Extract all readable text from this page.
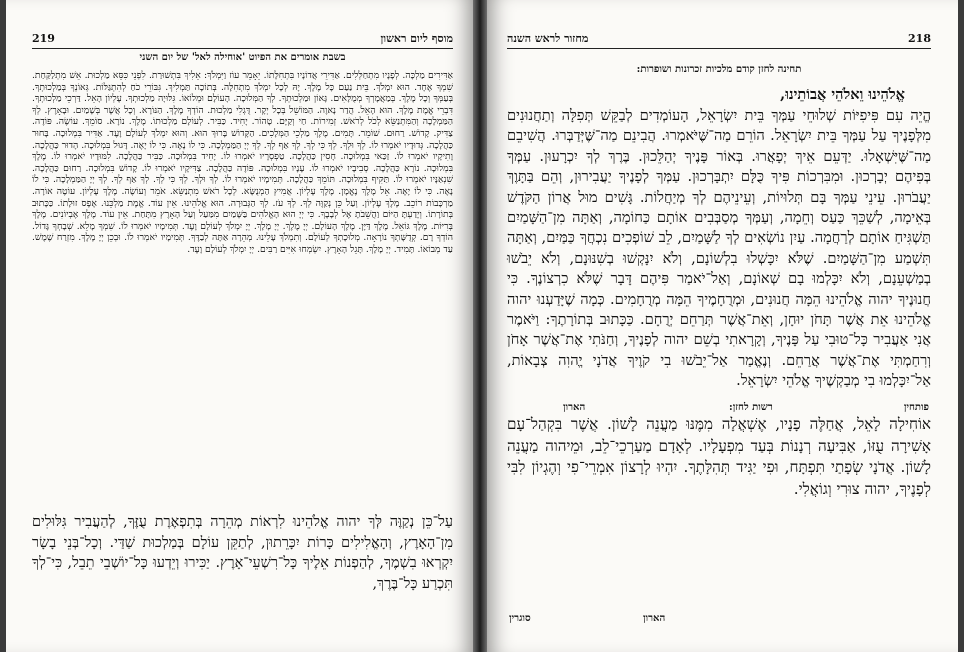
219	מוסף ליום ראשון
בשבת אומרים את הפיוט 'אוחילה לאל' של יום השני
אַדִּירִים מַלְכָּה. לְפָנָיו מִתְחַלְּלִים. אַדִּירֵי אֲדוֹנָיו בִּתְחִלָּתוֹ. יֵאָמֵר עוֹז וַיִּמְלֹךְ: אֵלִיךְ בִּתְשׁוּרַת. לִפְנֵי כִּסֵּא מַלְכוּת. אֵשׁ מִתְלַקַּחַת. שִׁמְךָ אֶחָד. הוּא יִמְלֹךְ. בֵּית נַעַם כָּל מֶלֶךְ. יָהּ לְכָל יִמְלֹךְ מִתְחִלָּה. בְּתוֹכָה תַּמְלִיךְ. גִּבּוֹרֵי כֹחַ לְהִתְגַּלּוֹת. גְּאוֹנְךָ בְּמַלְכוּתְךָ. בְּעַמְּךָ וְכָל מֶלֶךְ. בְּמַאֲמָרְךָ מְמֻלָּאִים. גָּאוֹן וּמַלְכוּתְךָ. לְךָ הַמְּלוּכָה. הָעוֹלָם וּמְלוֹאוֹ. גִּלּוּיָה מַלְכוּתְךָ. עֶלְיוֹן הָאֵל. דַּרְכֵי מַלְכוּתְךָ. דִּבְרֵי אֱמֶת מֶלֶךְ. הוּא הָאֵל. הֲדַר נָאוֶה. הַמּוֹשֵׁל בְּכָל יְקָר. דֻּגְלִי מַלְכוּת. הוֹדְךָ מֶלֶךְ. הַנּוֹרָא. וְכָל אֲשֶׁר בְּשָׁמַיִם. וּבָאָרֶץ. לְךָ הַמַּמְלָכָה וְהַמִּתְנַשֵּׂא לְכֹל לְרֹאשׁ. זְמִירוֹת. חַי וְקַיָּם. טָהוֹר. יָחִיד. כַּבִּיר. לְעוֹלָם מַלְכוּתוֹ. מֶלֶךְ. נוֹרָא. סוֹמֵךְ. עוֹשֶׂה. פּוֹדֶה. צַדִּיק. קָדוֹשׁ. רַחוּם. שׁוֹמֵר. תָּמִים. מֶלֶךְ מַלְכֵי הַמְּלָכִים. הַקָּדוֹשׁ בָּרוּךְ הוּא. וְהוּא יִמְלֹךְ לְעוֹלָם וָעֶד. אַדִּיר בִּמְלוּכָה. בָּחוּר כַּהֲלָכָה. גְּדוּדָיו יֹאמְרוּ לוֹ. לְךָ וּלְךָ. לְךָ כִּי לְךָ. לְךָ אַף לְךָ. לְךָ יְיָ הַמַּמְלָכָה. כִּי לוֹ נָאֶה. כִּי לוֹ יָאֶה. דָּגוּל בִּמְלוּכָה. הָדוּר כַּהֲלָכָה. וָתִיקָיו יֹאמְרוּ לוֹ. זַכַּאי בִּמְלוּכָה. חָסִין כַּהֲלָכָה. טַפְסְרָיו יֹאמְרוּ לוֹ. יָחִיד בִּמְלוּכָה. כַּבִּיר כַּהֲלָכָה. לִמּוּדָיו יֹאמְרוּ לוֹ. מֶלֶךְ בִּמְלוּכָה. נוֹרָא כַּהֲלָכָה. סְבִיבָיו יֹאמְרוּ לוֹ. עָנָיו בִּמְלוּכָה. פּוֹדֶה כַּהֲלָכָה. צַדִּיקָיו יֹאמְרוּ לוֹ. קָדוֹשׁ בִּמְלוּכָה. רַחוּם כַּהֲלָכָה. שִׁנְאַנָּיו יֹאמְרוּ לוֹ. תַּקִּיף בִּמְלוּכָה. תּוֹמֵךְ כַּהֲלָכָה. תְּמִימָיו יֹאמְרוּ לוֹ. לְךָ וּלְךָ. לְךָ כִּי לְךָ. לְךָ אַף לְךָ. לְךָ יְיָ הַמַּמְלָכָה. כִּי לוֹ נָאֶה. כִּי לוֹ יָאֶה. אֵל מֶלֶךְ נֶאֱמָן. מֶלֶךְ עֶלְיוֹן. אֲמִיץ הַמְנֻשָּׂא. לְכָל רֹאשׁ מִתְנַשֵּׂא. אֹמֵר וְעוֹשֶׂה. מֶלֶךְ עֶלְיוֹן. עוֹטֶה אוֹרָה. מַרְכָּבוֹת רוֹכֵב. מֶלֶךְ עֶלְיוֹן. וְעַל כֵּן נְקַוֶּה לְךָ. לְךָ עֹז. לְךָ הַגְּבוּרָה. הוּא אֱלֹהֵינוּ. אֵין עוֹד. אֱמֶת מַלְכֵּנוּ. אֶפֶס זוּלָתוֹ. כַּכָּתוּב בְּתוֹרָתוֹ. וְיָדַעְתָּ הַיּוֹם וַהֲשֵׁבֹתָ אֶל לְבָבֶךָ. כִּי יְיָ הוּא הָאֱלֹהִים בַּשָּׁמַיִם מִמַּעַל וְעַל הָאָרֶץ מִתָּחַת. אֵין עוֹד. מֶלֶךְ אֶבְיוֹנִים. מֶלֶךְ בְּרִיּוֹת. מֶלֶךְ גּוֹאֵל. מֶלֶךְ דַּיָּן. מֶלֶךְ הָעוֹלָם. יְיָ מֶלֶךְ. יְיָ מָלָךְ. יְיָ יִמְלֹךְ לְעוֹלָם וָעֶד. תְּמִימָיו יֹאמְרוּ לוֹ. שִׁמְךָ מָלֵא. שְׁבָחְךָ גָּדוֹל. הוֹדְךָ רָם. קְדֻשָּׁתְךָ נוֹרָאָה. מְלוּכָתְךָ לְעוֹלָם. וְתִמְלֹךְ עָלֵינוּ. מְהֵרָה אַתָּה לְבַדֶּךָ. תְּמִימָיו יֹאמְרוּ לוֹ. וּבְכֵן יְיָ מֶלֶךְ. מִזְרַח שֶׁמֶשׁ. עַד מְבוֹאוֹ. תָּמִיד. יְיָ מָלָךְ. תָּגֵל הָאָרֶץ. יִשְׂמְחוּ אִיִּים רַבִּים. יְיָ יִמְלֹךְ לְעוֹלָם וָעֶד.
עַל־כֵּן נְקַוֶּה לְּךָ יהוה אֱלֹהֵינוּ לִרְאוֹת מְהֵרָה בְּתִפְאֶרֶת עֻזֶּךָ, לְהַעֲבִיר גִּלּוּלִים מִן־הָאָרֶץ, וְהָאֱלִילִים כָּרוֹת יִכָּרֵתוּן, לְתַקֵּן עוֹלָם בְּמַלְכוּת שַׁדַּי. וְכָל־בְּנֵי בָשָׂר יִקְרְאוּ בִשְׁמֶךָ, לְהַפְנוֹת אֵלֶיךָ כָּל־רִשְׁעֵי־אָרֶץ. יַכִּירוּ וְיֵדְעוּ כָּל־יוֹשְׁבֵי תֵבֵל, כִּי־לְךָ תִּכְרַע כָּל־בֶּרֶךְ,
מחזור לראש השנה	218
תחינה לחזן קודם מלכיות זכרונות ושופרות:
אֱלֹהֵינוּ וֵאלֹהֵי אֲבוֹתֵינוּ,
הֱיֵה עִם פִּיפִיּוֹת שְׁלוּחֵי עַמְּךָ בֵּית יִשְׂרָאֵל, הָעוֹמְדִים לְבַקֵּשׁ תְּפִלָּה וְתַחֲנוּנִים מִלְּפָנֶיךָ עַל עַמְּךָ בֵּית יִשְׂרָאֵל. הוֹרֵם מַה־שֶּׁיֹּאמְרוּ. הֲבִינֵם מַה־שֶּׁיְּדַבְּרוּ. הֲשִׁיבֵם מַה־שֶּׁיִּשְׁאָלוּ. יַדְּעֵם אֵיךְ יְפָאֲרוּ. בְּאוֹר פָּנֶיךָ יְהַלֵּכוּן. בֶּרֶךְ לְךָ יִכְרָעוּן. עַמְּךָ בְּפִיהֶם יְבָרְכוּן. וּמִבִּרְכוֹת פִּיךָ כֻּלָּם יִתְבָּרְכוּן. עַמְּךָ לְפָנֶיךָ יַעֲבִירוּן, וְהֵם בַּתָּוֶךְ יַעֲבֹרוּן. עֵינֵי עַמְּךָ בָּם תְּלוּיוֹת, וְעֵינֵיהֶם לְךָ מְיַחֲלוֹת. גָּשִׁים מוּל אֲרוֹן הַקֹּדֶשׁ בְּאֵימָה, לְשַׁכֵּךְ כַּעַס וְחֵמָה, וְעַמְּךָ מְסַבְּבִים אוֹתָם כַּחוֹמָה, וְאַתָּה מִן־הַשָּׁמַיִם תַּשְׁגִּיחַ אוֹתָם לְרַחֲמָה. עַיִן נוֹשְׂאִים לְךָ לַשָּׁמַיִם, לֵב שׁוֹפְכִים נִכְחֲךָ כַּמַּיִם, וְאַתָּה תִּשְׁמַע מִן־הַשָּׁמַיִם. שֶׁלֹּא יִכָּשְׁלוּ בִלְשׁוֹנָם, וְלֹא יִנָּקְשׁוּ בְשִׁנּוּנָם, וְלֹא יֵבֹשׁוּ בְמַשְׁעֵנָם, וְלֹא יִכָּלְמוּ בָם שְׁאוֹנָם, וְאַל־יֹאמַר פִּיהֶם דָּבָר שֶׁלֹּא כִרְצוֹנֶךָ. כִּי חֲנוּנֶיךָ יהוה אֱלֹהֵינוּ הֵמָּה חֲנוּנִים, וּמְרֻחָמֶיךָ הֵמָּה מְרֻחָמִים. כְּמָה שֶׁיָּדַעְנוּ יהוה אֱלֹהֵינוּ אֵת אֲשֶׁר תָּחֹן יוּחָן, וְאֵת־אֲשֶׁר תְּרַחֵם יְרֻחָם. כַּכָּתוּב בְּתוֹרָתֶךָ: וַיֹּאמֶר אֲנִי אַעֲבִיר כָּל־טוּבִי עַל פָּנֶיךָ, וְקָרָאתִי בְשֵׁם יהוה לְפָנֶיךָ, וְחַנֹּתִי אֶת־אֲשֶׁר אָחֹן וְרִחַמְתִּי אֶת־אֲשֶׁר אֲרַחֵם. וְנֶאֱמַר אַל־יֵבֹשׁוּ בִי קֹוֶיךָ אֲדֹנָי יֱהוִה צְבָאוֹת, אַל־יִכָּלְמוּ בִי מְבַקְשֶׁיךָ אֱלֹהֵי יִשְׂרָאֵל.
פותחין
רשות לחזן:
הארון
אוֹחִילָה לָאֵל, אֲחַלֶּה פָנָיו, אֶשְׁאֲלָה מִמֶּנּוּ מַעֲנֵה לָשׁוֹן. אֲשֶׁר בִּקְהַל־עָם אָשִׁירָה עֻזּוֹ, אַבִּיעָה רְנָנוֹת בְּעַד מִפְעָלָיו. לְאָדָם מַעַרְכֵי־לֵב, וּמֵיהוה מַעֲנֵה לָשׁוֹן. אֲדֹנָי שְׂפָתַי תִּפְתָּח, וּפִי יַגִּיד תְּהִלָּתֶךָ. יִהְיוּ לְרָצוֹן אִמְרֵי־פִי וְהֶגְיוֹן לִבִּי לְפָנֶיךָ, יהוה צוּרִי וְגוֹאֲלִי.
סוגרין	הארון
